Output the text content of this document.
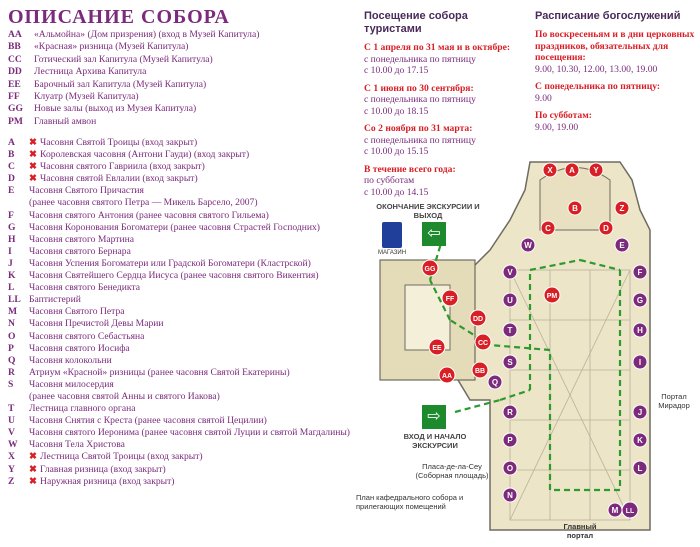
ОПИСАНИЕ СОБОРА
AA	«Альмойна» (Дом призрения) (вход в Музей Капитула)
BB	«Красная» ризница (Музей Капитула)
CC	Готический зал Капитула (Музей Капитула)
DD	Лестница Архива Капитула
EE	Барочный зал Капитула (Музей Капитула)
FF	Клуатр (Музей Капитула)
GG	Новые залы (выход из Музея Капитула)
PM	Главный амвон
A	✖ Часовня Святой Троицы (вход закрыт)
B	✖ Королевская часовня (Антони Гауди) (вход закрыт)
C	✖ Часовня святого Гавриила (вход закрыт)
D	✖ Часовня святой Евлалии (вход закрыт)
E	Часовня Святого Причастия
(ранее часовня святого Петра — Микель Барсело, 2007)
F	Часовня святого Антония (ранее часовня святого Гильема)
G	Часовня Коронования Богоматери (ранее часовня Страстей Господних)
H	Часовня святого Мартина
I	Часовня святого Бернара
J	Часовня Успения Богоматери или Градской Богоматери (Кластрской)
K	Часовня Святейшего Сердца Иисуса (ранее часовня святого Викентия)
L	Часовня святого Бенедикта
LL Баптистерий
M	Часовня Святого Петра
N	Часовня Пречистой Девы Марии
O	Часовня святого Себастьяна
P	Часовня святого Иосифа
Q	Часовня колокольни
R	Атриум «Красной» ризницы (ранее часовня Святой Екатерины)
S	Часовня милосердия
(ранее часовня святой Анны и святого Иакова)
T	Лестница главного органа
U	Часовня Снятия с Креста (ранее часовня святой Цецилии)
V	Часовня святого Иеронима (ранее часовня святой Луции и святой Магдалины)
W	Часовня Тела Христова
X	✖ Лестница Святой Троицы (вход закрыт)
Y	✖ Главная ризница (вход закрыт)
Z	✖ Наружная ризница (вход закрыт)
Посещение собора туристами
С 1 апреля по 31 мая и в октябре:
с понедельника по пятницу
с 10.00 до 17.15
С 1 июня по 30 сентября:
с понедельника по пятницу
с 10.00 до 18.15
Со 2 ноября по 31 марта:
с понедельника по пятницу
с 10.00 до 15.15
В течение всего года:
по субботам
с 10.00 до 14.15
Расписание богослужений
По воскресеньям и в дни церковных праздников, обязательных для посещения:
9.00, 10.30, 12.00, 13.00, 19.00
С понедельника по пятницу:
9.00
По субботам:
9.00, 19.00
X A Y
B	Z
C	D
W	E
V	F
U	G
T	H
S	I
Q
R	J
P	K
O	L
N
M LL
GG
FF
DD
CC
EE
AA
BB
PM
ОКОНЧАНИЕ ЭКСКУРСИИ И ВЫХОД
МАГАЗИН
⇦
⇨
ВХОД И НАЧАЛО ЭКСКУРСИИ
Пласа-де-ла-Сеу (Соборная площадь)
Портал Мирадор
Главный портал
План кафедрального собора и прилегающих помещений
